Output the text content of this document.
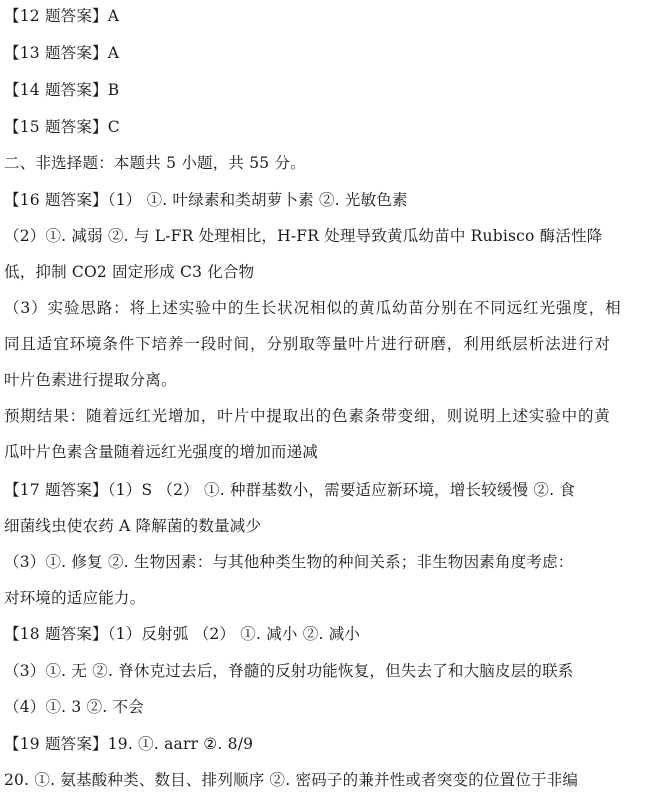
【12 题答案】A
【13 题答案】A
【14 题答案】B
【15 题答案】C
二、非选择题：本题共 5 小题，共 55 分。
【16 题答案】（1） ①. 叶绿素和类胡萝卜素 ②. 光敏色素
（2）①. 减弱 ②. 与 L-FR 处理相比，H-FR 处理导致黄瓜幼苗中 Rubisco 酶活性降
低，抑制 CO2 固定形成 C3 化合物
（3）实验思路：将上述实验中的生长状况相似的黄瓜幼苗分别在不同远红光强度，相
同且适宜环境条件下培养一段时间，分别取等量叶片进行研磨，利用纸层析法进行对
叶片色素进行提取分离。
预期结果：随着远红光增加，叶片中提取出的色素条带变细，则说明上述实验中的黄
瓜叶片色素含量随着远红光强度的增加而递减
【17 题答案】（1）S （2） ①. 种群基数小，需要适应新环境，增长较缓慢 ②. 食
细菌线虫使农药 A 降解菌的数量减少
（3）①. 修复 ②. 生物因素：与其他种类生物的种间关系；非生物因素角度考虑：
对环境的适应能力。
【18 题答案】（1）反射弧 （2） ①. 减小 ②. 减小
（3）①. 无 ②. 脊休克过去后，脊髓的反射功能恢复，但失去了和大脑皮层的联系
（4）①. 3 ②. 不会
【19 题答案】19. ①. aarr ②. 8/9
20. ①. 氨基酸种类、数目、排列顺序 ②. 密码子的兼并性或者突变的位置位于非编
